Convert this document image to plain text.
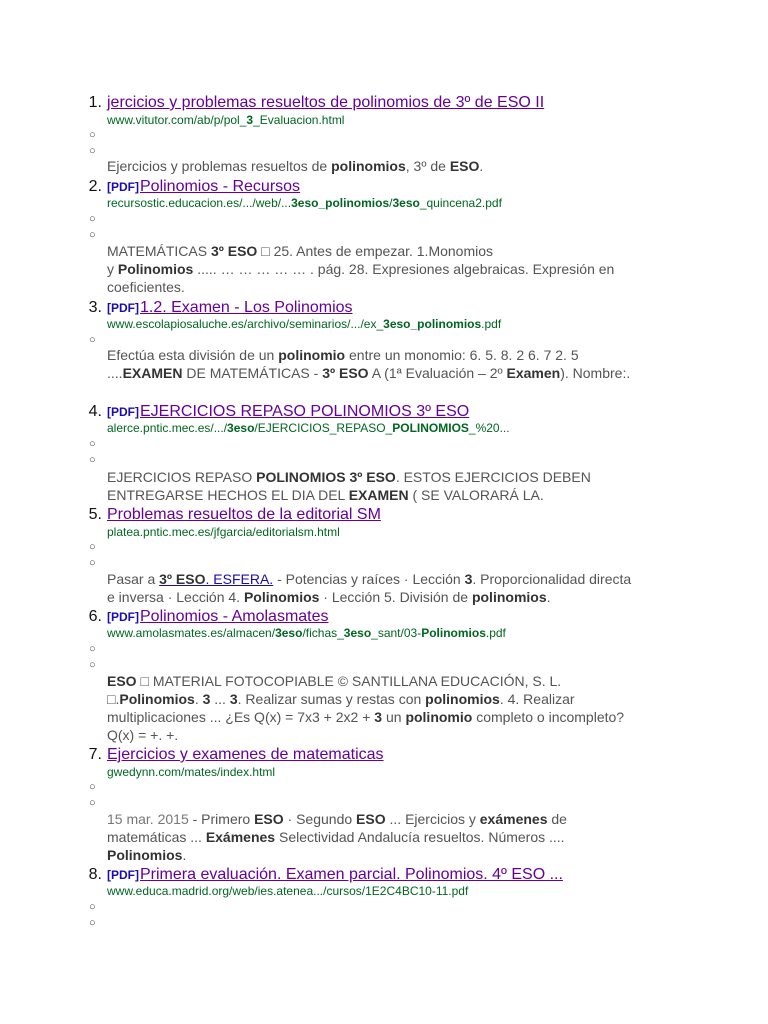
1. jercicios y problemas resueltos de polinomios de 3º de ESO II
www.vitutor.com/ab/p/pol_3_Evaluacion.html
○
○
Ejercicios y problemas resueltos de polinomios, 3º de ESO.
2. [PDF]Polinomios - Recursos
recursostic.educacion.es/.../web/...3eso_polinomios/3eso_quincena2.pdf
○
○
MATEMÁTICAS 3º ESO □ 25. Antes de empezar. 1.Monomios
y Polinomios ..... … … … … … . pág. 28. Expresiones algebraicas. Expresión en coeficientes.
3. [PDF]1.2. Examen - Los Polinomios
www.escolapiosaluche.es/archivo/seminarios/.../ex_3eso_polinomios.pdf
○
Efectúa esta división de un polinomio entre un monomio: 6. 5. 8. 2 6. 7 2. 5 ....EXAMEN DE MATEMÁTICAS - 3º ESO A (1ª Evaluación – 2º Examen). Nombre:.
4. [PDF]EJERCICIOS REPASO POLINOMIOS 3º ESO
alerce.pntic.mec.es/.../3eso/EJERCICIOS_REPASO_POLINOMIOS_%20...
○
○
EJERCICIOS REPASO POLINOMIOS 3º ESO. ESTOS EJERCICIOS DEBEN ENTREGARSE HECHOS EL DIA DEL EXAMEN ( SE VALORARÁ LA.
5. Problemas resueltos de la editorial SM
platea.pntic.mec.es/jfgarcia/editorialsm.html
○
○
Pasar a 3º ESO. ESFERA. - Potencias y raíces · Lección 3. Proporcionalidad directa e inversa · Lección 4. Polinomios · Lección 5. División de polinomios.
6. [PDF]Polinomios - Amolasmates
www.amolasmates.es/almacen/3eso/fichas_3eso_sant/03-Polinomios.pdf
○
○
ESO □ MATERIAL FOTOCOPIABLE © SANTILLANA EDUCACIÓN, S. L. □.Polinomios. 3 ... 3. Realizar sumas y restas con polinomios. 4. Realizar multiplicaciones ... ¿Es Q(x) = 7x3 + 2x2 + 3 un polinomio completo o incompleto? Q(x) = +. +.
7. Ejercicios y examenes de matematicas
gwedynn.com/mates/index.html
○
○
15 mar. 2015 - Primero ESO · Segundo ESO ... Ejercicios y exámenes de matemáticas ... Exámenes Selectividad Andalucía resueltos. Números .... Polinomios.
8. [PDF]Primera evaluación. Examen parcial. Polinomios. 4º ESO ...
www.educa.madrid.org/web/ies.atenea.../cursos/1E2C4BC10-11.pdf
○
○
